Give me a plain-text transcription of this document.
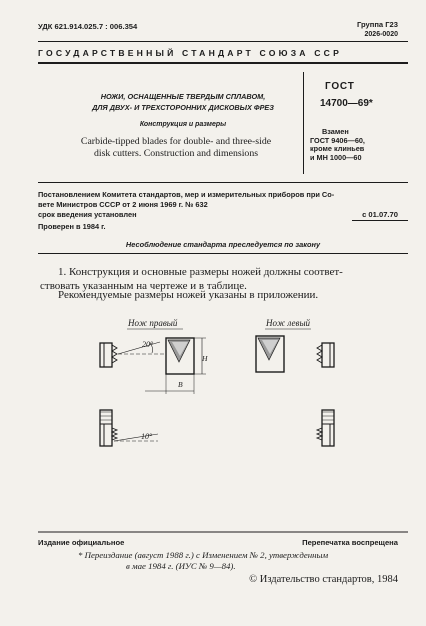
УДК 621.914.025.7 : 006.354	Группа Г23
2026-0020
ГОСУДАРСТВЕННЫЙ СТАНДАРТ СОЮЗА ССР
НОЖИ, ОСНАЩЕННЫЕ ТВЕРДЫМ СПЛАВОМ,
ДЛЯ ДВУХ- И ТРЕХСТОРОННИХ ДИСКОВЫХ ФРЕЗ
Конструкция и размеры
Carbide-tipped blades for double- and three-side
disk cutters. Construction and dimensions
ГОСТ
14700—69*
Взамен
ГОСТ 9406—60,
кроме клиньев
и МН 1000—60
Постановлением Комитета стандартов, мер и измерительных приборов при Со-
вете Министров СССР от 2 июня 1969 г. № 632
срок введения установлен	с 01.07.70
Проверен в 1984 г.
Несоблюдение стандарта преследуется по закону
1. Конструкция и основные размеры ножей должны соответ-
ствовать указанным на чертеже и в таблице.
Рекомендуемые размеры ножей указаны в приложении.
Нож правый	Нож левый
20°
10°
H
B
Издание официальное	Перепечатка воспрещена
* Переиздание (август 1988 г.) с Изменением № 2, утвержденным
в мае 1984 г. (ИУС № 9—84).
© Издательство стандартов, 1984
